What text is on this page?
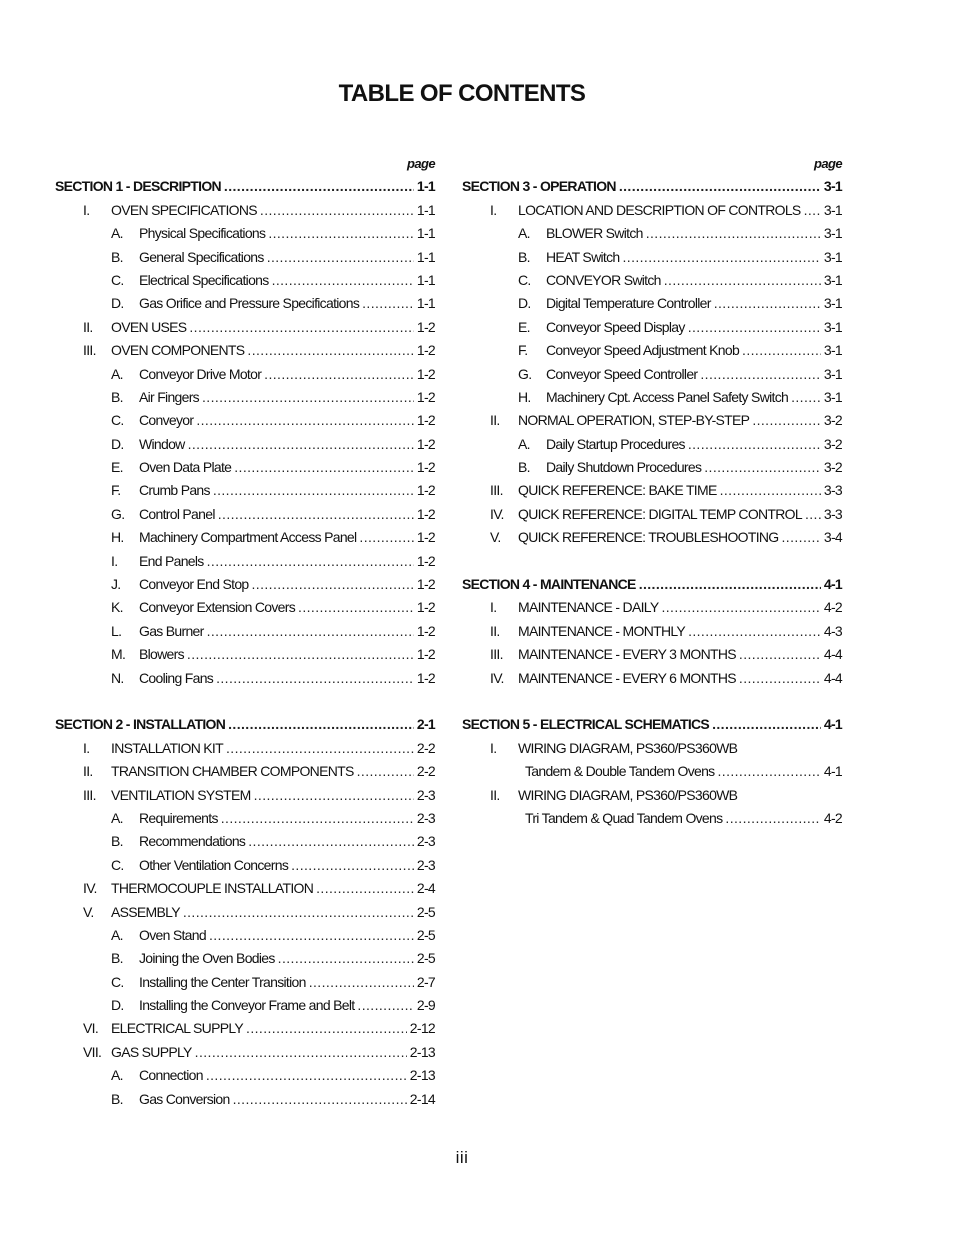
TABLE OF CONTENTS
page
SECTION 1 - DESCRIPTION .....	1-1
I.	OVEN SPECIFICATIONS .....	1-1
A.	Physical Specifications .....	1-1
B.	General Specifications .....	1-1
C.	Electrical Specifications .....	1-1
D.	Gas Orifice and Pressure Specifications .....	1-1
II.	OVEN USES .....	1-2
III.	OVEN COMPONENTS .....	1-2
A.	Conveyor Drive Motor .....	1-2
B.	Air Fingers .....	1-2
C.	Conveyor .....	1-2
D.	Window .....	1-2
E.	Oven Data Plate .....	1-2
F.	Crumb Pans .....	1-2
G.	Control Panel .....	1-2
H.	Machinery Compartment Access Panel .....	1-2
I.	End Panels .....	1-2
J.	Conveyor End Stop .....	1-2
K.	Conveyor Extension Covers .....	1-2
L.	Gas Burner .....	1-2
M. Blowers .....	1-2
N.	Cooling Fans .....	1-2
SECTION 2 - INSTALLATION .....	2-1
I.	INSTALLATION KIT .....	2-2
II.	TRANSITION CHAMBER COMPONENTS .....	2-2
III.	VENTILATION SYSTEM .....	2-3
A.	Requirements .....	2-3
B.	Recommendations .....	2-3
C.	Other Ventilation Concerns .....	2-3
IV.	THERMOCOUPLE INSTALLATION .....	2-4
V.	ASSEMBLY .....	2-5
A.	Oven Stand .....	2-5
B.	Joining the Oven Bodies .....	2-5
C.	Installing the Center Transition .....	2-7
D.	Installing the Conveyor Frame and Belt .....	2-9
VI. ELECTRICAL SUPPLY .....	2-12
VII. GAS SUPPLY .....	2-13
A.	Connection .....	2-13
B.	Gas Conversion .....	2-14
page
SECTION 3 - OPERATION .....	3-1
I.	LOCATION AND DESCRIPTION OF CONTROLS ..... 3-1
A.	BLOWER Switch .....	3-1
B.	HEAT Switch .....	3-1
C.	CONVEYOR Switch .....	3-1
D.	Digital Temperature Controller .....	3-1
E.	Conveyor Speed Display .....	3-1
F.	Conveyor Speed Adjustment Knob .....	3-1
G.	Conveyor Speed Controller .....	3-1
H.	Machinery Cpt. Access Panel Safety Switch .....	3-1
II.	NORMAL OPERATION, STEP-BY-STEP .....	3-2
A.	Daily Startup Procedures .....	3-2
B.	Daily Shutdown Procedures .....	3-2
III.	QUICK REFERENCE: BAKE TIME .....	3-3
IV.	QUICK REFERENCE: DIGITAL TEMP CONTROL ..... 3-3
V.	QUICK REFERENCE: TROUBLESHOOTING .....	3-4
SECTION 4 - MAINTENANCE .....	4-1
I.	MAINTENANCE - DAILY .....	4-2
II.	MAINTENANCE - MONTHLY .....	4-3
III.	MAINTENANCE - EVERY 3 MONTHS .....	4-4
IV.	MAINTENANCE - EVERY 6 MONTHS .....	4-4
SECTION 5 - ELECTRICAL SCHEMATICS .....	4-1
I.	WIRING DIAGRAM, PS360/PS360WB
Tandem & Double Tandem Ovens .....	4-1
II.	WIRING DIAGRAM, PS360/PS360WB
Tri Tandem & Quad Tandem Ovens .....	4-2
iii
